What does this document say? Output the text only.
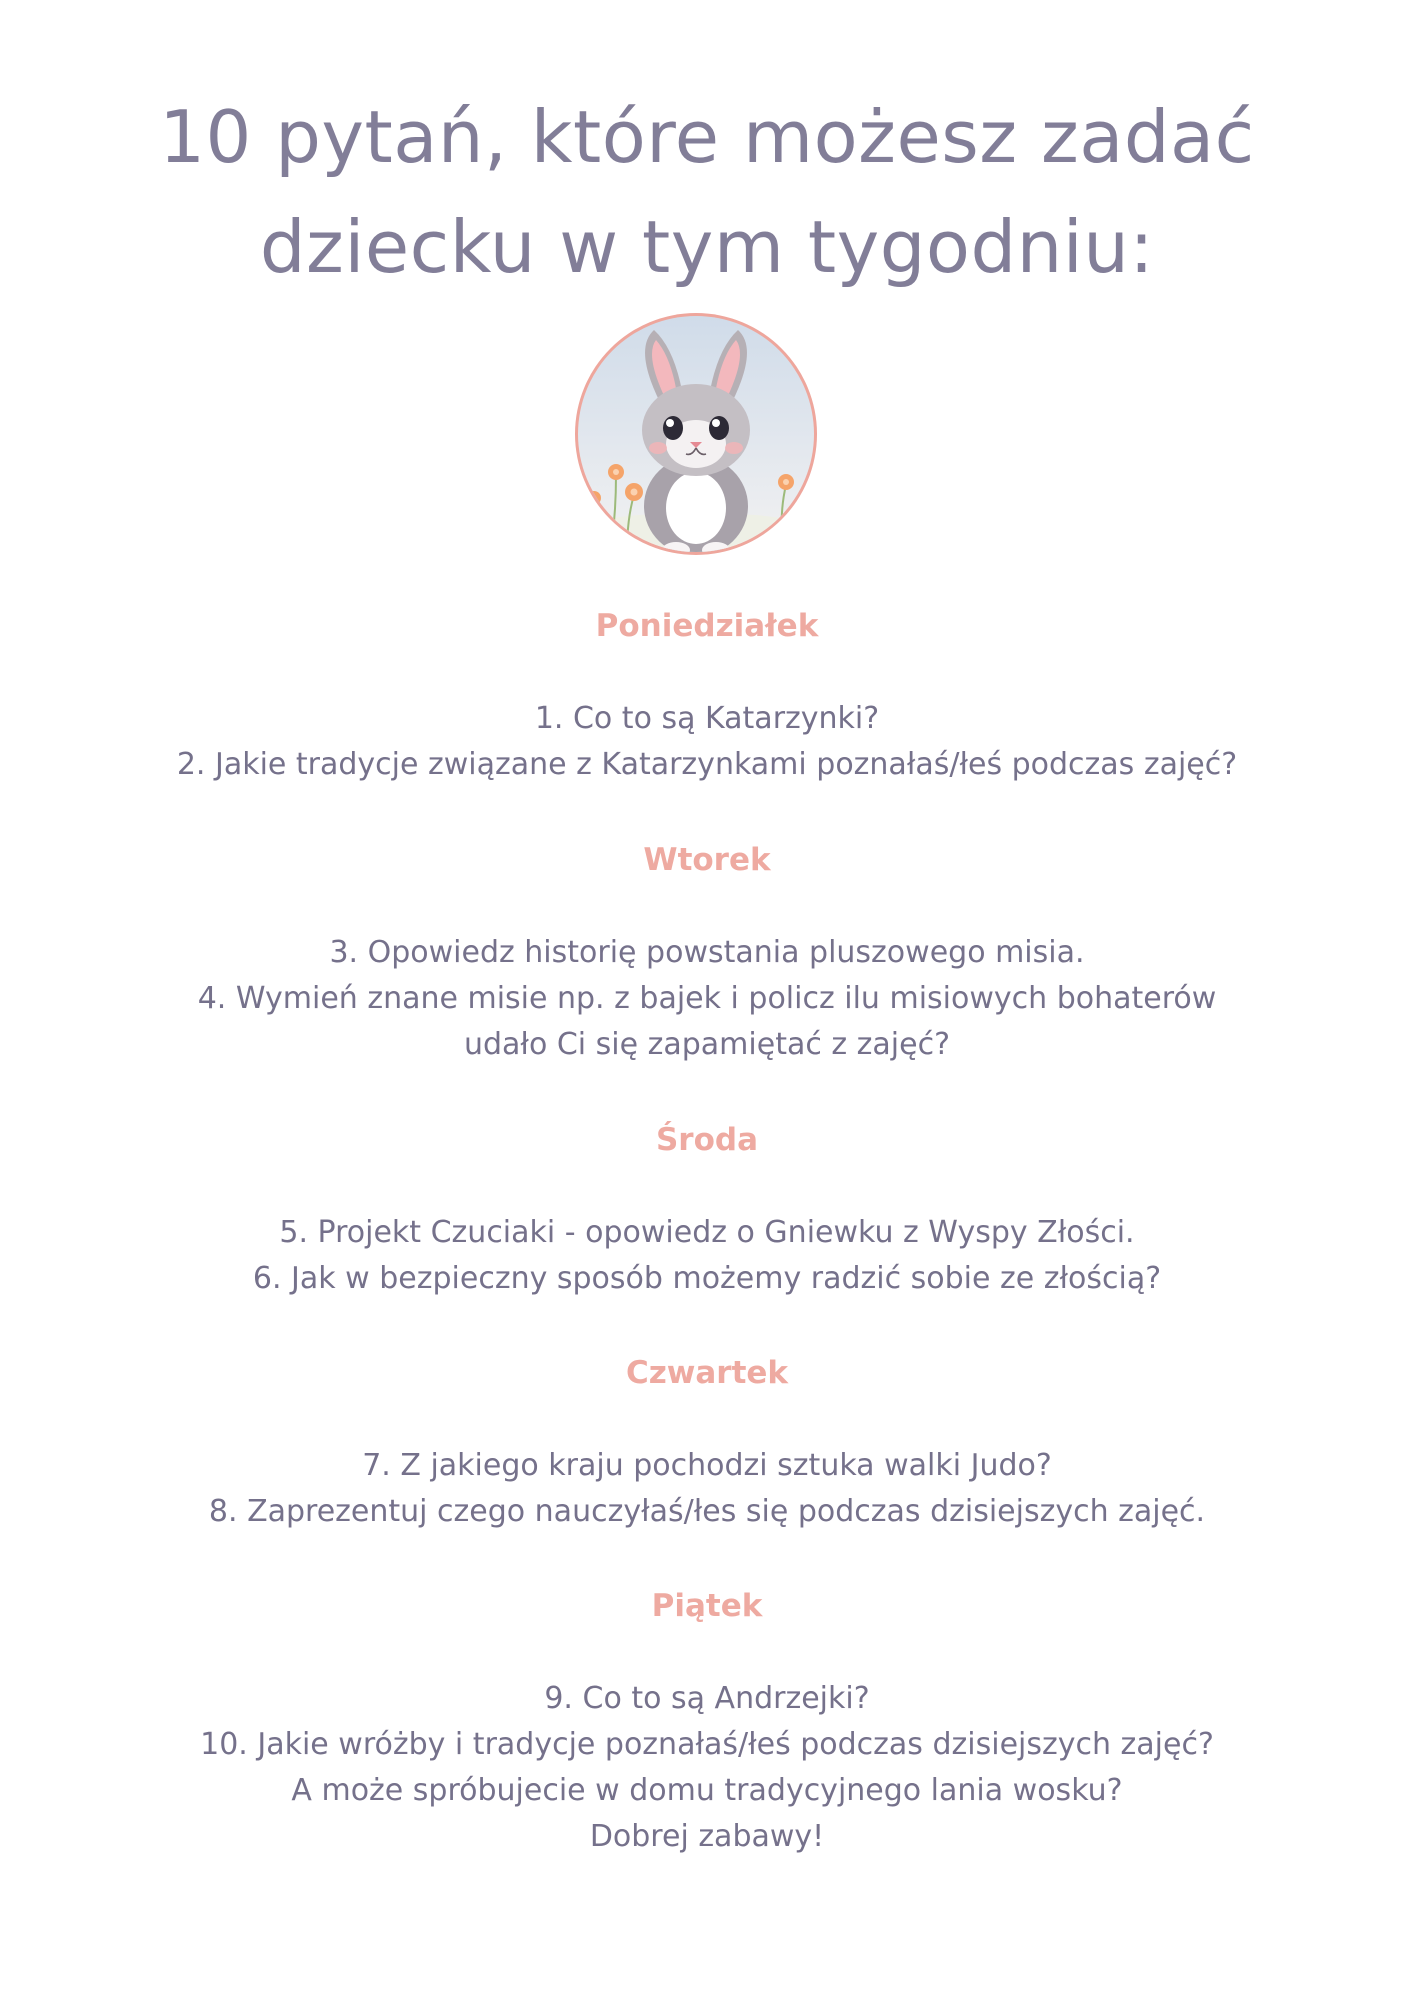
10 pytań, które możesz zadać
dziecku w tym tygodniu:
Poniedziałek
1. Co to są Katarzynki?
2. Jakie tradycje związane z Katarzynkami poznałaś/łeś podczas zajęć?
Wtorek
3. Opowiedz historię powstania pluszowego misia.
4. Wymień znane misie np. z bajek i policz ilu misiowych bohaterów
udało Ci się zapamiętać z zajęć?
Środa
5. Projekt Czuciaki - opowiedz o Gniewku z Wyspy Złości.
6. Jak w bezpieczny sposób możemy radzić sobie ze złością?
Czwartek
7. Z jakiego kraju pochodzi sztuka walki Judo?
8. Zaprezentuj czego nauczyłaś/łes się podczas dzisiejszych zajęć.
Piątek
9. Co to są Andrzejki?
10. Jakie wróżby i tradycje poznałaś/łeś podczas dzisiejszych zajęć?
A może spróbujecie w domu tradycyjnego lania wosku?
Dobrej zabawy!
